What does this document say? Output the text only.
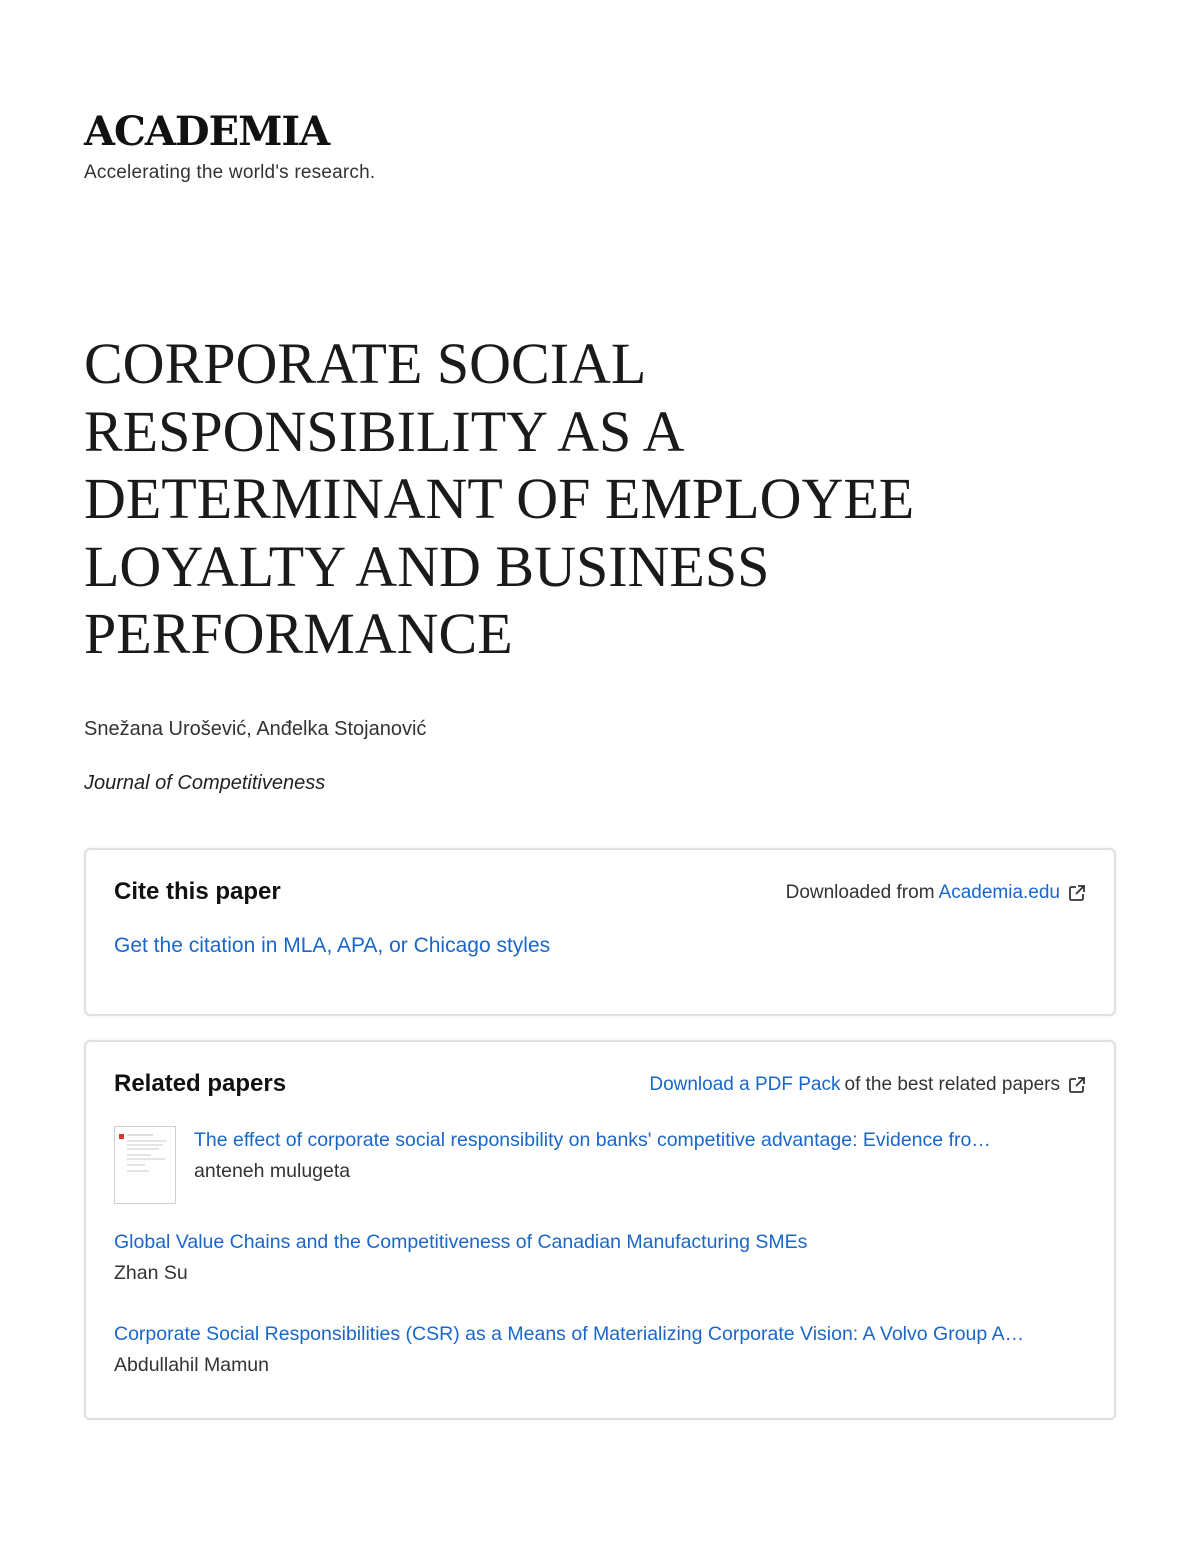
ACADEMIA

Accelerating the world's research.

CORPORATE SOCIAL RESPONSIBILITY AS A DETERMINANT OF EMPLOYEE LOYALTY AND BUSINESS PERFORMANCE

Snežana Urošević, Anđelka Stojanović

Journal of Competitiveness

Cite this paper	Downloaded from Academia.edu
Get the citation in MLA, APA, or Chicago styles
Related papers	Download a PDF Pack of the best related papers
The effect of corporate social responsibility on banks' competitive advantage: Evidence fro…
anteneh mulugeta
Global Value Chains and the Competitiveness of Canadian Manufacturing SMEs
Zhan Su
Corporate Social Responsibilities (CSR) as a Means of Materializing Corporate Vision: A Volvo Group A…
Abdullahil Mamun
